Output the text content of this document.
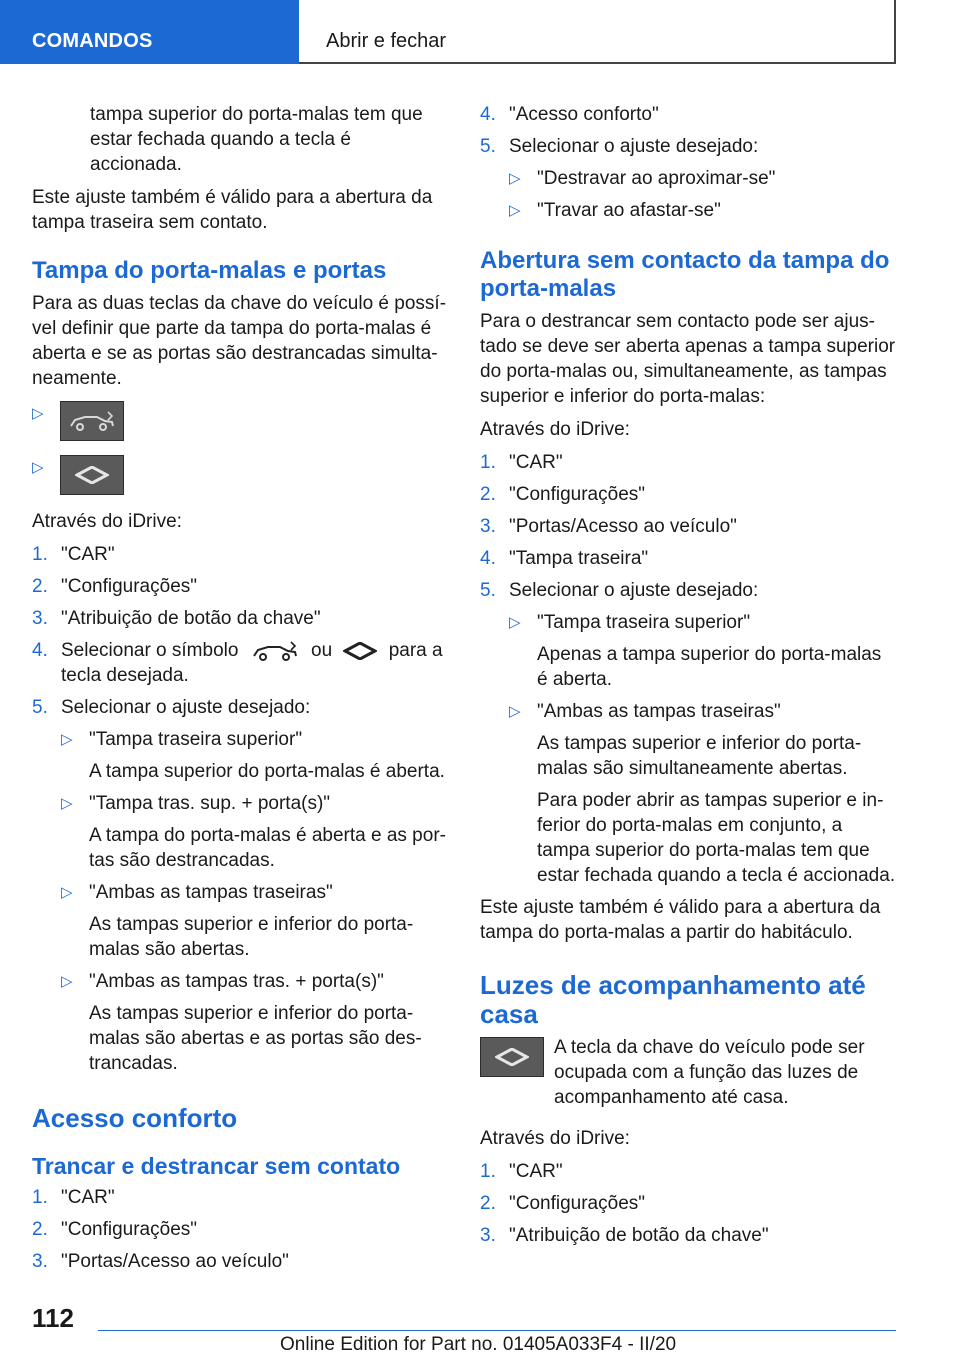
COMANDOS	Abrir e fechar

tampa superior do porta-malas tem que estar fechada quando a tecla é accionada.

Este ajuste também é válido para a abertura da tampa traseira sem contato.

Tampa do porta-malas e portas

Para as duas teclas da chave do veículo é possível definir que parte da tampa do porta-malas é aberta e se as portas são destrancadas simultaneamente.

▷
▷

Através do iDrive:

1. "CAR"
2. "Configurações"
3. "Atribuição de botão da chave"
4. Selecionar o símbolo	ou	para a tecla desejada.
5. Selecionar o ajuste desejado:
▷ "Tampa traseira superior"
A tampa superior do porta-malas é aberta.
▷ "Tampa tras. sup. + porta(s)"
A tampa do porta-malas é aberta e as portas são destrancadas.
▷ "Ambas as tampas traseiras"
As tampas superior e inferior do porta-malas são abertas.
▷ "Ambas as tampas tras. + porta(s)"
As tampas superior e inferior do porta-malas são abertas e as portas são destrancadas.
Acesso conforto
Trancar e destrancar sem contato
1. "CAR"
2. "Configurações"
3. "Portas/Acesso ao veículo"
4. "Acesso conforto"
5. Selecionar o ajuste desejado:
▷ "Destravar ao aproximar-se"
▷ "Travar ao afastar-se"
Abertura sem contacto da tampa do porta-malas

Para o destrancar sem contacto pode ser ajustado se deve ser aberta apenas a tampa superior do porta-malas ou, simultaneamente, as tampas superior e inferior do porta-malas:

Através do iDrive:

1. "CAR"
2. "Configurações"
3. "Portas/Acesso ao veículo"
4. "Tampa traseira"
5. Selecionar o ajuste desejado:
▷ "Tampa traseira superior"
Apenas a tampa superior do porta-malas é aberta.
▷ "Ambas as tampas traseiras"
As tampas superior e inferior do porta-malas são simultaneamente abertas.
Para poder abrir as tampas superior e inferior do porta-malas em conjunto, a tampa superior do porta-malas tem que estar fechada quando a tecla é accionada.

Este ajuste também é válido para a abertura da tampa do porta-malas a partir do habitáculo.

Luzes de acompanhamento até casa

A tecla da chave do veículo pode ser ocupada com a função das luzes de acompanhamento até casa.

Através do iDrive:

1. "CAR"
2. "Configurações"
3. "Atribuição de botão da chave"
112
Online Edition for Part no. 01405A033F4 - II/20
